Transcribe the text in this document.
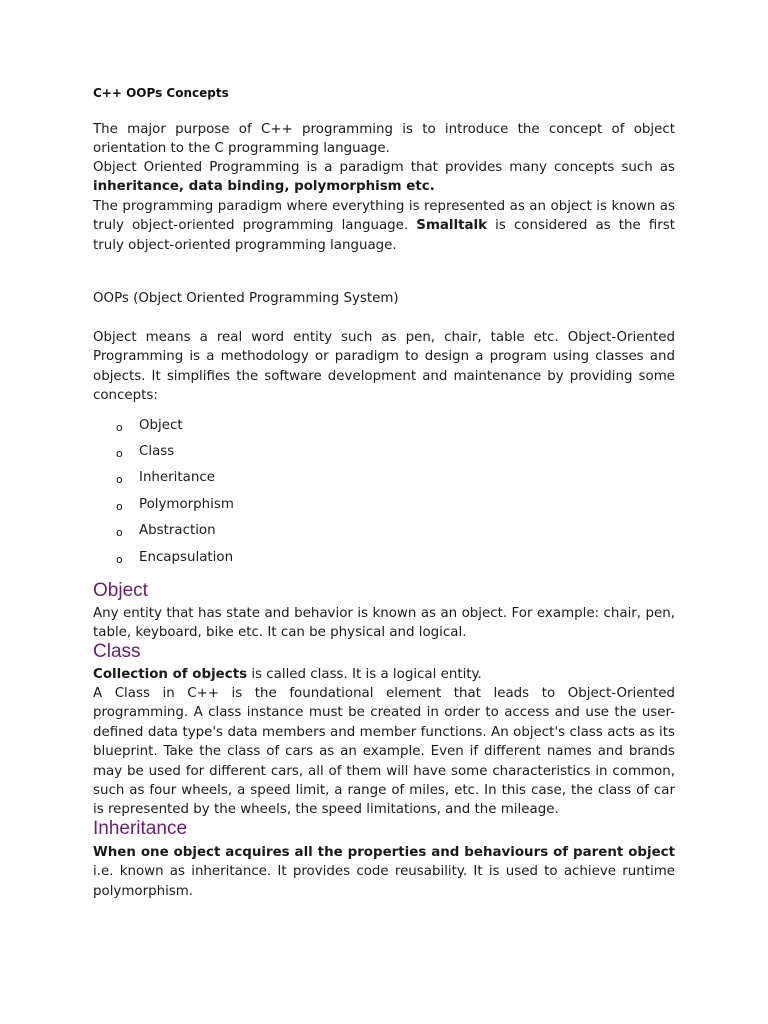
C++ OOPs Concepts

The major purpose of C++ programming is to introduce the concept of object orientation to the C programming language.

Object Oriented Programming is a paradigm that provides many concepts such as inheritance, data binding, polymorphism etc.

The programming paradigm where everything is represented as an object is known as truly object-oriented programming language. Smalltalk is considered as the first truly object-oriented programming language.

OOPs (Object Oriented Programming System)

Object means a real word entity such as pen, chair, table etc. Object-Oriented Programming is a methodology or paradigm to design a program using classes and objects. It simplifies the software development and maintenance by providing some concepts:

o	Object
o	Class
o	Inheritance
o	Polymorphism
o	Abstraction
o	Encapsulation
Object

Any entity that has state and behavior is known as an object. For example: chair, pen, table, keyboard, bike etc. It can be physical and logical.

Class

Collection of objects is called class. It is a logical entity.

A Class in C++ is the foundational element that leads to Object-Oriented programming. A class instance must be created in order to access and use the user-defined data type's data members and member functions. An object's class acts as its blueprint. Take the class of cars as an example. Even if different names and brands may be used for different cars, all of them will have some characteristics in common, such as four wheels, a speed limit, a range of miles, etc. In this case, the class of car is represented by the wheels, the speed limitations, and the mileage.

Inheritance

When one object acquires all the properties and behaviours of parent object i.e. known as inheritance. It provides code reusability. It is used to achieve runtime polymorphism.
